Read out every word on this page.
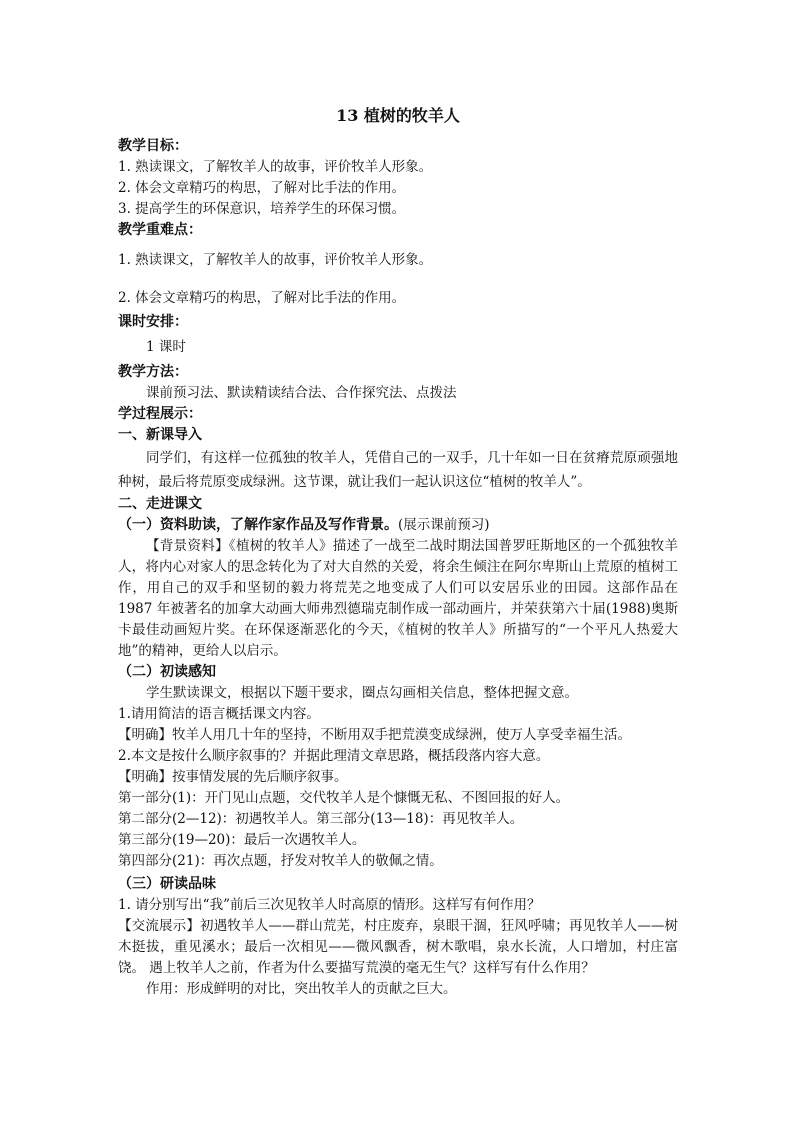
13 植树的牧羊人

教学目标：

1. 熟读课文，了解牧羊人的故事，评价牧羊人形象。

2. 体会文章精巧的构思，了解对比手法的作用。

3. 提高学生的环保意识，培养学生的环保习惯。

教学重难点：

1. 熟读课文，了解牧羊人的故事，评价牧羊人形象。

2. 体会文章精巧的构思，了解对比手法的作用。

课时安排：

1 课时

教学方法：

课前预习法、默读精读结合法、合作探究法、点拨法

学过程展示：

一、新课导入

同学们，有这样一位孤独的牧羊人，凭借自己的一双手，几十年如一日在贫瘠荒原顽强地种树，最后将荒原变成绿洲。这节课，就让我们一起认识这位“植树的牧羊人”。

二、走进课文

（一）资料助读，了解作家作品及写作背景。(展示课前预习)

【背景资料】《植树的牧羊人》描述了一战至二战时期法国普罗旺斯地区的一个孤独牧羊人，将内心对家人的思念转化为了对大自然的关爱，将余生倾注在阿尔卑斯山上荒原的植树工作，用自己的双手和坚韧的毅力将荒芜之地变成了人们可以安居乐业的田园。这部作品在 1987 年被著名的加拿大动画大师弗烈德瑞克制作成一部动画片，并荣获第六十届(1988)奥斯卡最佳动画短片奖。在环保逐渐恶化的今天，《植树的牧羊人》所描写的“一个平凡人热爱大地”的精神，更给人以启示。

（二）初读感知

学生默读课文，根据以下题干要求，圈点勾画相关信息，整体把握文意。

1.请用简洁的语言概括课文内容。

【明确】牧羊人用几十年的坚持，不断用双手把荒漠变成绿洲，使万人享受幸福生活。

2.本文是按什么顺序叙事的？并据此理清文章思路，概括段落内容大意。

【明确】按事情发展的先后顺序叙事。

第一部分(1)：开门见山点题，交代牧羊人是个慷慨无私、不图回报的好人。

第二部分(2—12)：初遇牧羊人。第三部分(13—18)：再见牧羊人。

第三部分(19—20)：最后一次遇牧羊人。

第四部分(21)：再次点题，抒发对牧羊人的敬佩之情。

（三）研读品味

1. 请分别写出“我”前后三次见牧羊人时高原的情形。这样写有何作用？

【交流展示】初遇牧羊人——群山荒芜，村庄废弃，泉眼干涸，狂风呼啸；再见牧羊人——树木挺拔，重见溪水；最后一次相见——微风飘香，树木歌唱，泉水长流，人口增加，村庄富饶。 遇上牧羊人之前，作者为什么要描写荒漠的毫无生气？这样写有什么作用？

作用：形成鲜明的对比，突出牧羊人的贡献之巨大。
